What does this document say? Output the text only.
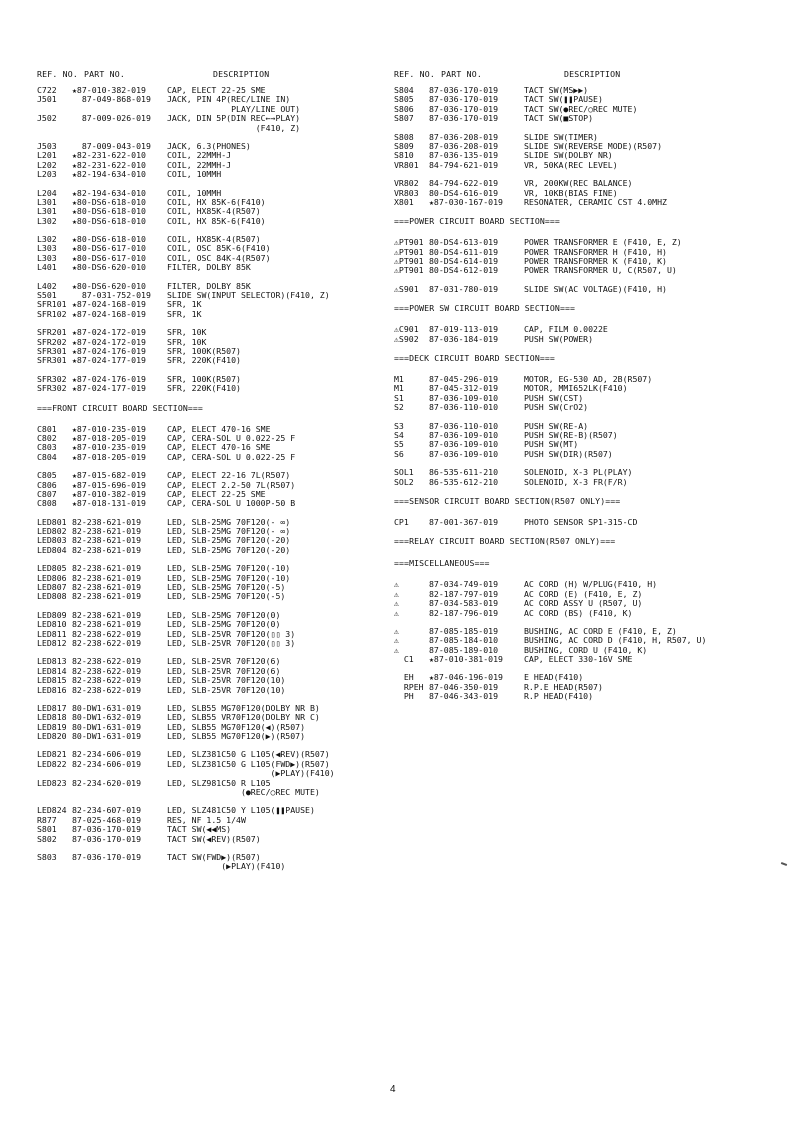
REF. NO. PART NO.	DESCRIPTION
C722 ★87-010-382-019	CAP, ELECT 22-25 SME
J501 87-049-868-019 JACK, PIN 4P(REC/LINE IN)
PLAY/LINE OUT)
J502 87-009-026-019 JACK, DIN 5P(DIN REC←→PLAY)
(F410, Z)
J503 87-009-043-019 JACK, 6.3(PHONES)
L201 ★82-231-622-010	COIL, 22MMH-J
L202 ★82-231-622-010	COIL, 22MMH-J
L203 ★82-194-634-010	COIL, 10MMH
L204 ★82-194-634-010	COIL, 10MMH
L301 ★80-DS6-618-010	COIL, HX 85K-6(F410)
L301 ★80-DS6-618-010	COIL, HX85K-4(R507)
L302 ★80-DS6-618-010	COIL, HX 85K-6(F410)
L302 ★80-DS6-618-010	COIL, HX85K-4(R507)
L303 ★80-DS6-617-010	COIL, OSC 85K-6(F410)
L303 ★80-DS6-617-010	COIL, OSC 84K-4(R507)
L401 ★80-DS6-620-010	FILTER, DOLBY 85K
L402 ★80-DS6-620-010	FILTER, DOLBY 85K
S501 87-031-752-019 SLIDE SW(INPUT SELECTOR)(F410, Z)
SFR101 ★87-024-168-019	SFR, 1K
SFR102 ★87-024-168-019	SFR, 1K
SFR201 ★87-024-172-019	SFR, 10K
SFR202 ★87-024-172-019	SFR, 10K
SFR301 ★87-024-176-019	SFR, 100K(R507)
SFR301 ★87-024-177-019	SFR, 220K(F410)
SFR302 ★87-024-176-019	SFR, 100K(R507)
SFR302 ★87-024-177-019	SFR, 220K(F410)
===FRONT CIRCUIT BOARD SECTION===
C801 ★87-010-235-019	CAP, ELECT 470-16 SME
C802 ★87-018-205-019	CAP, CERA-SOL U 0.022-25 F
C803 ★87-010-235-019	CAP, ELECT 470-16 SME
C804 ★87-018-205-019	CAP, CERA-SOL U 0.022-25 F
C805 ★87-015-682-019	CAP, ELECT 22-16 7L(R507)
C806 ★87-015-696-019	CAP, ELECT 2.2-50 7L(R507)
C807 ★87-010-382-019	CAP, ELECT 22-25 SME
C808 ★87-018-131-019	CAP, CERA-SOL U 1000P-50 B
LED801 82-238-621-019	LED, SLB-25MG 70F120(- ∞)
LED802 82-238-621-019	LED, SLB-25MG 70F120(- ∞)
LED803 82-238-621-019	LED, SLB-25MG 70F120(-20)
LED804 82-238-621-019	LED, SLB-25MG 70F120(-20)
LED805 82-238-621-019	LED, SLB-25MG 70F120(-10)
LED806 82-238-621-019	LED, SLB-25MG 70F120(-10)
LED807 82-238-621-019	LED, SLB-25MG 70F120(-5)
LED808 82-238-621-019	LED, SLB-25MG 70F120(-5)
LED809 82-238-621-019	LED, SLB-25MG 70F120(0)
LED810 82-238-621-019	LED, SLB-25MG 70F120(0)
LED811 82-238-622-019	LED, SLB-25VR 70F120(▯▯ 3)
LED812 82-238-622-019	LED, SLB-25VR 70F120(▯▯ 3)
LED813 82-238-622-019	LED, SLB-25VR 70F120(6)
LED814 82-238-622-019	LED, SLB-25VR 70F120(6)
LED815 82-238-622-019	LED, SLB-25VR 70F120(10)
LED816 82-238-622-019	LED, SLB-25VR 70F120(10)
LED817 80-DW1-631-019	LED, SLB55 MG70F120(DOLBY NR B)
LED818 80-DW1-632-019	LED, SLB55 VR70F120(DOLBY NR C)
LED819 80-DW1-631-019	LED, SLB55 MG70F120(◀)(R507)
LED820 80-DW1-631-019	LED, SLB55 MG70F120(▶)(R507)
LED821 82-234-606-019	LED, SLZ381C50 G L105(◀REV)(R507)
LED822 82-234-606-019	LED, SLZ381C50 G L105(FWD▶)(R507)
(▶PLAY)(F410)
LED823 82-234-620-019	LED, SLZ981C50 R L105
(●REC/○REC MUTE)
LED824 82-234-607-019	LED, SLZ481C50 Y L105(❚❚PAUSE)
R877 87-025-468-019	RES, NF 1.5 1/4W
S801 87-036-170-019	TACT SW(◀◀MS)
S802 87-036-170-019	TACT SW(◀REV)(R507)
S803 87-036-170-019	TACT SW(FWD▶)(R507)
(▶PLAY)(F410)
REF. NO. PART NO.	DESCRIPTION
S804 87-036-170-019	TACT SW(MS▶▶)
S805 87-036-170-019	TACT SW(❚❚PAUSE)
S806 87-036-170-019	TACT SW(●REC/○REC MUTE)
S807 87-036-170-019	TACT SW(■STOP)
S808 87-036-208-019	SLIDE SW(TIMER)
S809 87-036-208-019	SLIDE SW(REVERSE MODE)(R507)
S810 87-036-135-019	SLIDE SW(DOLBY NR)
VR801 84-794-621-019	VR, 50KA(REC LEVEL)
VR802 84-794-622-019	VR, 200KW(REC BALANCE)
VR803 80-DS4-616-019	VR, 10KB(BIAS FINE)
X801 ★87-030-167-019	RESONATER, CERAMIC CST 4.0MHZ
===POWER CIRCUIT BOARD SECTION===
⚠PT901 80-DS4-613-019	POWER TRANSFORMER E (F410, E, Z)
⚠PT901 80-DS4-611-019	POWER TRANSFORMER H (F410, H)
⚠PT901 80-DS4-614-019	POWER TRANSFORMER K (F410, K)
⚠PT901 80-DS4-612-019	POWER TRANSFORMER U, C(R507, U)
⚠S901 87-031-780-019	SLIDE SW(AC VOLTAGE)(F410, H)
===POWER SW CIRCUIT BOARD SECTION===
⚠C901 87-019-113-019	CAP, FILM 0.0022E
⚠S902 87-036-184-019	PUSH SW(POWER)
===DECK CIRCUIT BOARD SECTION===
M1	87-045-296-019	MOTOR, EG-530 AD, 2B(R507)
M1	87-045-312-019	MOTOR, MMI652LK(F410)
S1	87-036-109-010	PUSH SW(CST)
S2	87-036-110-010	PUSH SW(CrO2)
S3	87-036-110-010	PUSH SW(RE-A)
S4	87-036-109-010	PUSH SW(RE-B)(R507)
S5	87-036-109-010	PUSH SW(MT)
S6	87-036-109-010	PUSH SW(DIR)(R507)
SOL1 86-535-611-210	SOLENOID, X-3 PL(PLAY)
SOL2 86-535-612-210	SOLENOID, X-3 FR(F/R)
===SENSOR CIRCUIT BOARD SECTION(R507 ONLY)===
CP1 87-001-367-019	PHOTO SENSOR SP1-315-CD
===RELAY CIRCUIT BOARD SECTION(R507 ONLY)===
===MISCELLANEOUS===
⚠	87-034-749-019	AC CORD (H) W/PLUG(F410, H)
⚠	82-187-797-019	AC CORD (E) (F410, E, Z)
⚠	87-034-583-019	AC CORD ASSY U (R507, U)
⚠	82-187-796-019	AC CORD (BS) (F410, K)
⚠	87-085-185-019	BUSHING, AC CORD E (F410, E, Z)
⚠	87-085-184-010	BUSHING, AC CORD D (F410, H, R507, U)
⚠	87-085-189-010	BUSHING, CORD U (F410, K)
C1 ★87-010-381-019	CAP, ELECT 330-16V SME
EH ★87-046-196-019	E HEAD(F410)
RPEH 87-046-350-019	R.P.E HEAD(R507)
PH 87-046-343-019	R.P HEAD(F410)
4
